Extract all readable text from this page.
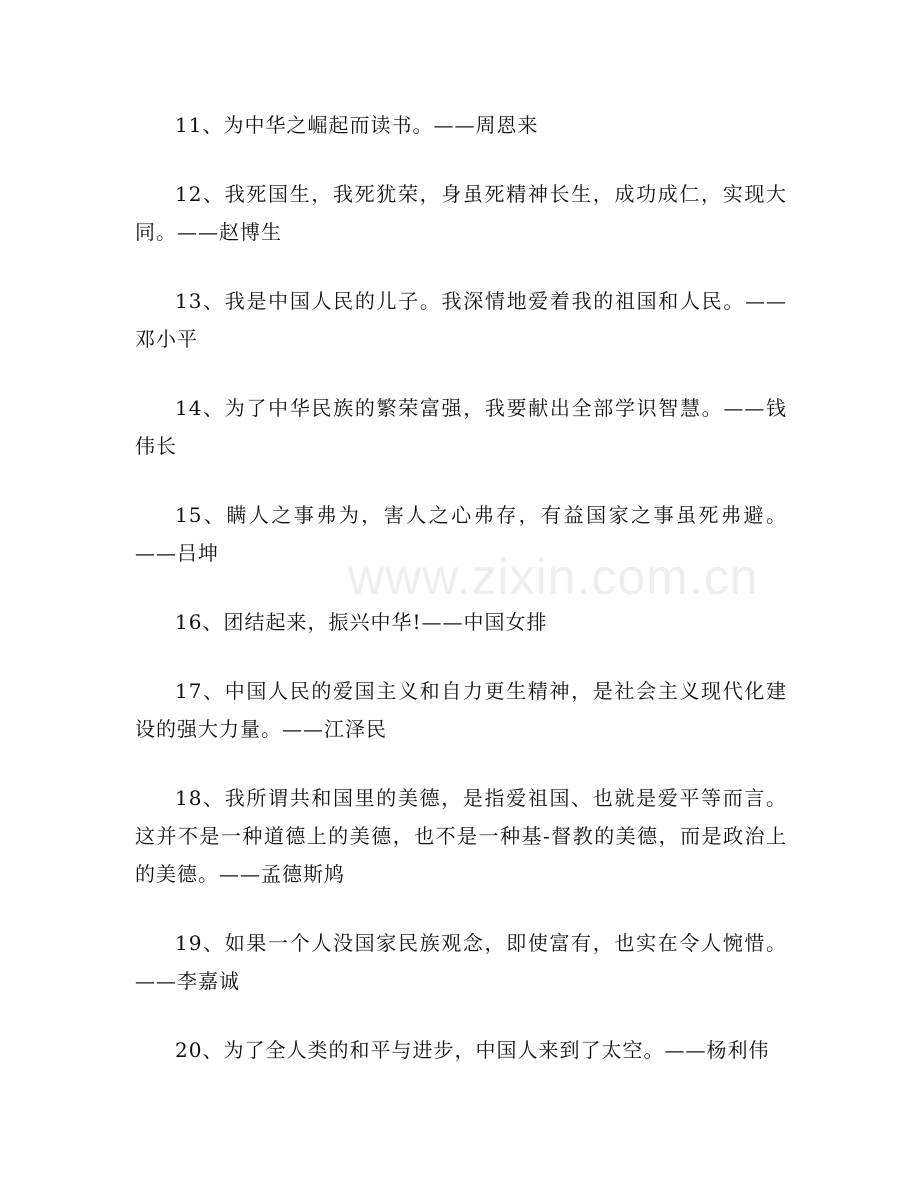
11、为中华之崛起而读书。——周恩来

12、我死国生，我死犹荣，身虽死精神长生，成功成仁，实现大同。——赵博生

13、我是中国人民的儿子。我深情地爱着我的祖国和人民。——邓小平

14、为了中华民族的繁荣富强，我要献出全部学识智慧。——钱伟长

15、瞒人之事弗为，害人之心弗存，有益国家之事虽死弗避。——吕坤

16、团结起来，振兴中华!——中国女排

17、中国人民的爱国主义和自力更生精神，是社会主义现代化建设的强大力量。——江泽民

18、我所谓共和国里的美德，是指爱祖国、也就是爱平等而言。这并不是一种道德上的美德，也不是一种基-督教的美德，而是政治上的美德。——孟德斯鸠

19、如果一个人没国家民族观念，即使富有，也实在令人惋惜。——李嘉诚

20、为了全人类的和平与进步，中国人来到了太空。——杨利伟

www.zixin.com.cn
